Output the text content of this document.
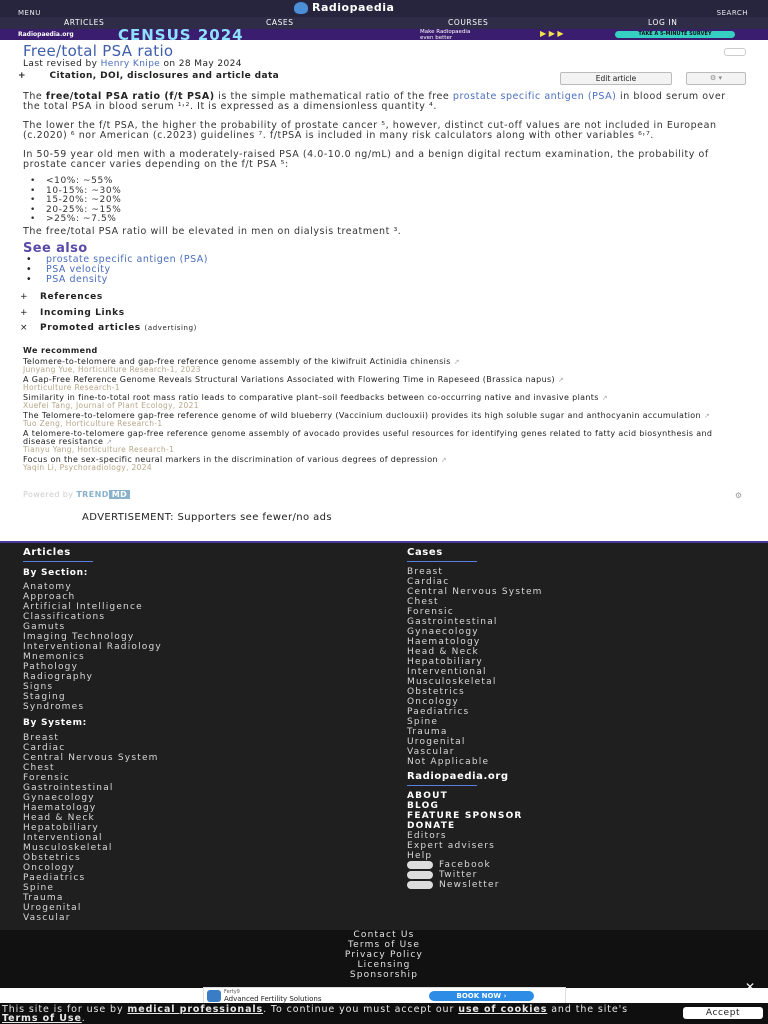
MENU	Radiopaedia	SEARCH
ARTICLES	CASES	COURSES	LOG IN
Radiopaedia.org	CENSUS 2024	Make Radiopaedia
even better	▶ ▶ ▶	TAKE A 5-MINUTE SURVEY
Free/total PSA ratio
Last revised by Henry Knipe on 28 May 2024
+	Citation, DOI, disclosures and article data	Edit article	⚙ ▾
The free/total PSA ratio (f/t PSA) is the simple mathematical ratio of the free prostate specific antigen (PSA) in blood serum over the total PSA in blood serum ¹˒². It is expressed as a dimensionless quantity ⁴.
The lower the f/t PSA, the higher the probability of prostate cancer ⁵, however, distinct cut-off values are not included in European (c.2020) ⁶ nor American (c.2023) guidelines ⁷. f/tPSA is included in many risk calculators along with other variables ⁶˒⁷.
In 50-59 year old men with a moderately-raised PSA (4.0-10.0 ng/mL) and a benign digital rectum examination, the probability of prostate cancer varies depending on the f/t PSA ⁵:
• <10%: ~55%
• 10-15%: ~30%
• 15-20%: ~20%
• 20-25%: ~15%
• >25%: ~7.5%
The free/total PSA ratio will be elevated in men on dialysis treatment ³.
See also
• prostate specific antigen (PSA)
• PSA velocity
• PSA density
+ References
+ Incoming Links
× Promoted articles (advertising)
We recommend
Telomere-to-telomere and gap-free reference genome assembly of the kiwifruit Actinidia chinensis ↗
Junyang Yue, Horticulture Research-1, 2023
A Gap-Free Reference Genome Reveals Structural Variations Associated with Flowering Time in Rapeseed (Brassica napus) ↗
Horticulture Research-1
Similarity in fine-to-total root mass ratio leads to comparative plant–soil feedbacks between co-occurring native and invasive plants ↗
Xuefei Tang, Journal of Plant Ecology, 2021
The Telomere-to-telomere gap-free reference genome of wild blueberry (Vaccinium duclouxii) provides its high soluble sugar and anthocyanin accumulation ↗
Tuo Zeng, Horticulture Research-1
A telomere-to-telomere gap-free reference genome assembly of avocado provides useful resources for identifying genes related to fatty acid biosynthesis and disease resistance ↗
Tianyu Yang, Horticulture Research-1
Focus on the sex-specific neural markers in the discrimination of various degrees of depression ↗
Yaqin Li, Psychoradiology, 2024
Powered by TREND MD	⚙
ADVERTISEMENT: Supporters see fewer/no ads
Articles
By Section:
Anatomy
Approach
Artificial Intelligence
Classifications
Gamuts
Imaging Technology
Interventional Radiology
Mnemonics
Pathology
Radiography
Signs
Staging
Syndromes
By System:
Breast
Cardiac
Central Nervous System
Chest
Forensic
Gastrointestinal
Gynaecology
Haematology
Head & Neck
Hepatobiliary
Interventional
Musculoskeletal
Obstetrics
Oncology
Paediatrics
Spine
Trauma
Urogenital
Vascular
Cases
Breast
Cardiac
Central Nervous System
Chest
Forensic
Gastrointestinal
Gynaecology
Haematology
Head & Neck
Hepatobiliary
Interventional
Musculoskeletal
Obstetrics
Oncology
Paediatrics
Spine
Trauma
Urogenital
Vascular
Not Applicable
Radiopaedia.org
ABOUT
BLOG
FEATURE SPONSOR
DONATE
Editors
Expert advisers
Help
Facebook
Twitter
Newsletter
Contact Us
Terms of Use
Privacy Policy
Licensing
Sponsorship
Ferty9
Advanced Fertility Solutions	BOOK NOW ›
✕
This site is for use by medical professionals. To continue you must accept our use of cookies and the site's Terms of Use.	Accept
